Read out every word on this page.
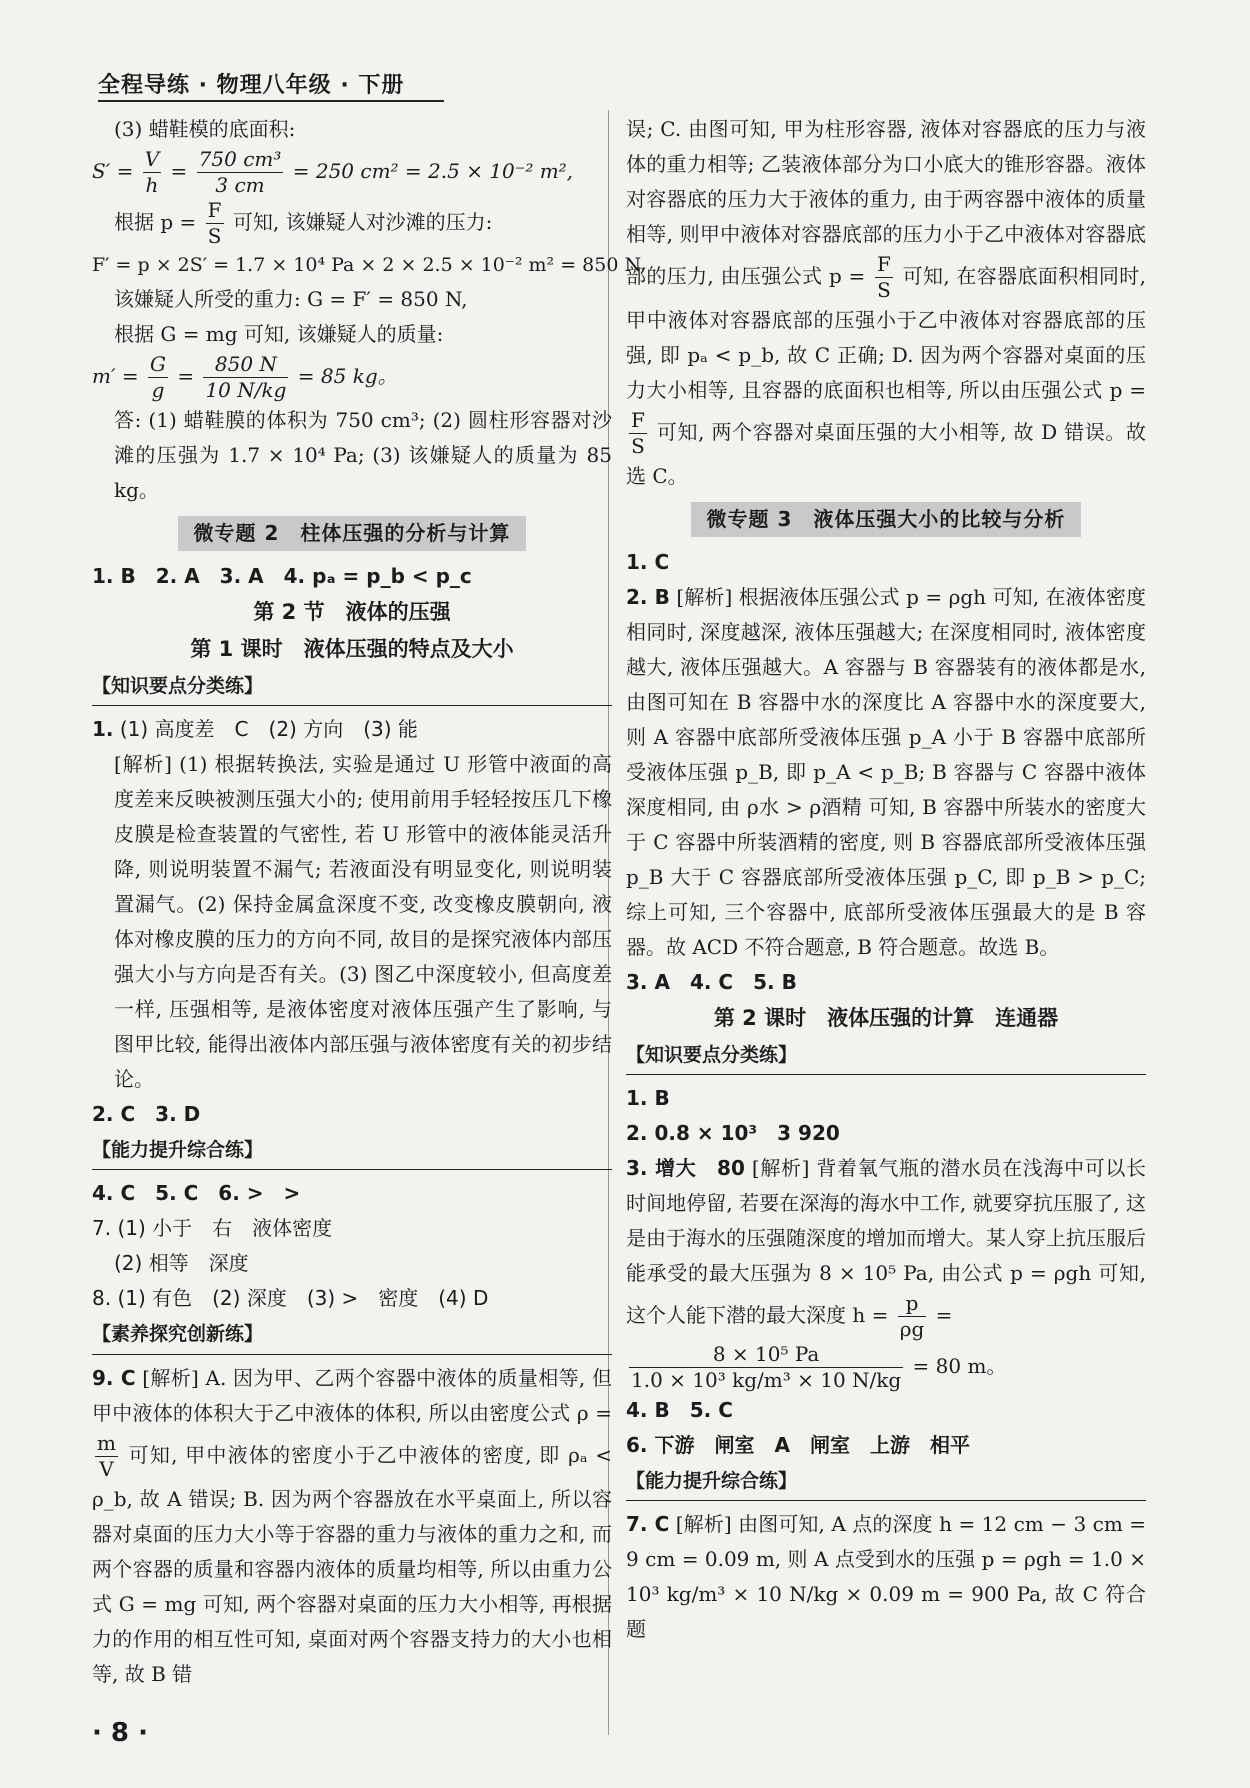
全程导练 · 物理八年级 · 下册
(3) 蜡鞋模的底面积:
$S' = \frac{V}{h} = \frac{\text{750 cm³}}{3 cm} = 250$ cm² = 2.5 × 10⁻² m²,
根据 $p = \frac{F}{S}$ 可知, 该嫌疑人对沙滩的压力:
F′ = p × 2S′ = 1.7 × 10⁴ Pa × 2 × 2.5 × 10⁻² m² = 850 N,
该嫌疑人所受的重力: G = F′ = 850 N,
根据 G = mg 可知, 该嫌疑人的质量:
$m' = \frac{G}{g} = \frac{850 N}{10 N/kg} = 85$ kg。
答: (1) 蜡鞋膜的体积为 750 cm³; (2) 圆柱形容器对沙滩的压强为 1.7 × 10⁴ Pa; (3) 该嫌疑人的质量为 85 kg。
微专题 2　柱体压强的分析与计算
1. B　2. A　3. A　4. pₐ = p_b < p_c
第 2 节　液体的压强
第 1 课时　液体压强的特点及大小
【知识要点分类练】
1. (1) 高度差　C　(2) 方向　(3) 能
[解析] (1) 根据转换法, 实验是通过 U 形管中液面的高度差来反映被测压强大小的; 使用前用手轻轻按压几下橡皮膜是检查装置的气密性, 若 U 形管中的液体能灵活升降, 则说明装置不漏气; 若液面没有明显变化, 则说明装置漏气。(2) 保持金属盒深度不变, 改变橡皮膜朝向, 液体对橡皮膜的压力的方向不同, 故目的是探究液体内部压强大小与方向是否有关。(3) 图乙中深度较小, 但高度差一样, 压强相等, 是液体密度对液体压强产生了影响, 与图甲比较, 能得出液体内部压强与液体密度有关的初步结论。
2. C　3. D
【能力提升综合练】
4. C　5. C　6. >　>
7. (1) 小于　右　液体密度
(2) 相等　深度
8. (1) 有色　(2) 深度　(3) >　密度　(4) D
【素养探究创新练】
9. C [解析] A. 因为甲、乙两个容器中液体的质量相等, 但甲中液体的体积大于乙中液体的体积, 所以由密度公式 ρ =
$\frac{m}{V}$ 可知, 甲中液体的密度小于乙中液体的密度, 即 ρₐ < ρ_b, 故 A 错误; B. 因为两个容器放在水平桌面上, 所以容器对桌面的压力大小等于容器的重力与液体的重力之和, 而两个容器的质量和容器内液体的质量均相等, 所以由重力公式 G = mg 可知, 两个容器对桌面的压力大小相等, 再根据力的作用的相互性可知, 桌面对两个容器支持力的大小也相等, 故 B 错
误; C. 由图可知, 甲为柱形容器, 液体对容器底的压力与液体的重力相等; 乙装液体部分为口小底大的锥形容器。液体对容器底的压力大于液体的重力, 由于两容器中液体的质量相等, 则甲中液体对容器底部的压力小于乙中液体对容器底部的压力, 由压强公式 $p = \frac{F}{S}$ 可知, 在容器底面积相同时, 甲中液体对容器底部的压强小于乙中液体对容器底部的压强, 即 pₐ < p_b, 故 C 正确; D. 因为两个容器对桌面的压力大小相等, 且容器的底面积也相等, 所以由压强公式 p =
$\frac{F}{S}$ 可知, 两个容器对桌面压强的大小相等, 故 D 错误。故选 C。
微专题 3　液体压强大小的比较与分析
1. C
2. B [解析] 根据液体压强公式 p = ρgh 可知, 在液体密度相同时, 深度越深, 液体压强越大; 在深度相同时, 液体密度越大, 液体压强越大。A 容器与 B 容器装有的液体都是水, 由图可知在 B 容器中水的深度比 A 容器中水的深度要大, 则 A 容器中底部所受液体压强 p_A 小于 B 容器中底部所受液体压强 p_B, 即 p_A < p_B; B 容器与 C 容器中液体深度相同, 由 ρ水 > ρ酒精 可知, B 容器中所装水的密度大于 C 容器中所装酒精的密度, 则 B 容器底部所受液体压强 p_B 大于 C 容器底部所受液体压强 p_C, 即 p_B > p_C; 综上可知, 三个容器中, 底部所受液体压强最大的是 B 容器。故 ACD 不符合题意, B 符合题意。故选 B。
3. A　4. C　5. B
第 2 课时　液体压强的计算　连通器
【知识要点分类练】
1. B
2. 0.8 × 10³　3 920
3. 增大　80 [解析] 背着氧气瓶的潜水员在浅海中可以长时间地停留, 若要在深海的海水中工作, 就要穿抗压服了, 这是由于海水的压强随深度的增加而增大。某人穿上抗压服后能承受的最大压强为 8 × 10⁵ Pa, 由公式 p = ρgh 可知, 这个人能下潜的最大深度 $h = \frac{p}{\rho g}$ =
$\frac{\text{8 × 10⁵ Pa}}{\text{1.0 × 10³ kg/m³ × 10 N/kg}} = 80$ m。
4. B　5. C
6. 下游　闸室　A　闸室　上游　相平
【能力提升综合练】
7. C [解析] 由图可知, A 点的深度 h = 12 cm − 3 cm = 9 cm = 0.09 m, 则 A 点受到水的压强 p = ρgh = 1.0 × 10³ kg/m³ × 10 N/kg × 0.09 m = 900 Pa, 故 C 符合题
· 8 ·
